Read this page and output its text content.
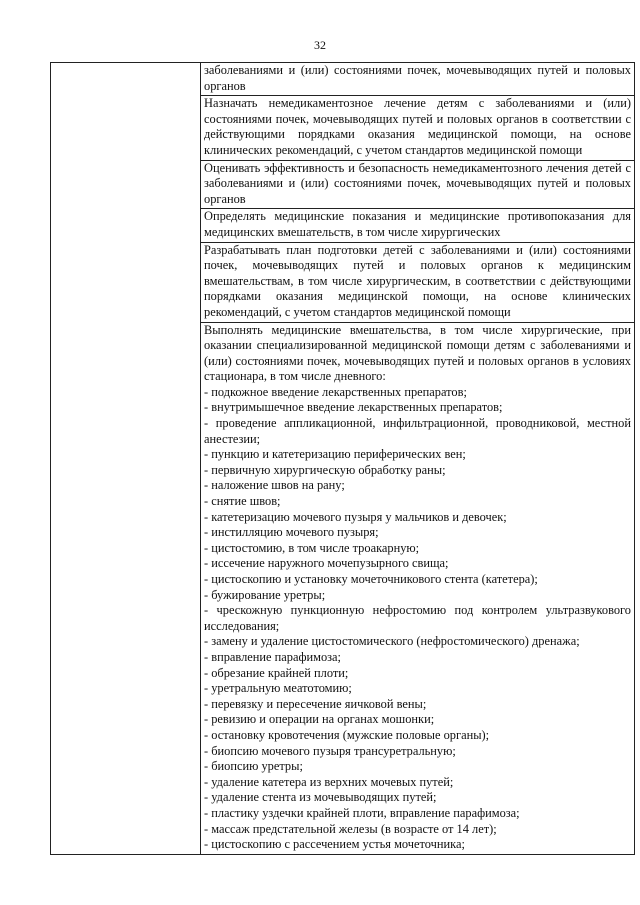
32

заболеваниями и (или) состояниями почек, мочевыводящих путей и половых органов

Назначать немедикаментозное лечение детям с заболеваниями и (или) состояниями почек, мочевыводящих путей и половых органов в соответствии с действующими порядками оказания медицинской помощи, на основе клинических рекомендаций, с учетом стандартов медицинской помощи

Оценивать эффективность и безопасность немедикаментозного лечения детей с заболеваниями и (или) состояниями почек, мочевыводящих путей и половых органов

Определять медицинские показания и медицинские противопоказания для медицинских вмешательств, в том числе хирургических

Разрабатывать план подготовки детей с заболеваниями и (или) состояниями почек, мочевыводящих путей и половых органов к медицинским вмешательствам, в том числе хирургическим, в соответствии с действующими порядками оказания медицинской помощи, на основе клинических рекомендаций, с учетом стандартов медицинской помощи

Выполнять медицинские вмешательства, в том числе хирургические, при оказании специализированной медицинской помощи детям с заболеваниями и (или) состояниями почек, мочевыводящих путей и половых органов в условиях стационара, в том числе дневного:

- подкожное введение лекарственных препаратов;

- внутримышечное введение лекарственных препаратов;

- проведение аппликационной, инфильтрационной, проводниковой, местной анестезии;

- пункцию и катетеризацию периферических вен;

- первичную хирургическую обработку раны;

- наложение швов на рану;

- снятие швов;

- катетеризацию мочевого пузыря у мальчиков и девочек;

- инстилляцию мочевого пузыря;

- цистостомию, в том числе троакарную;

- иссечение наружного мочепузырного свища;

- цистоскопию и установку мочеточникового стента (катетера);

- бужирование уретры;

- чрескожную пункционную нефростомию под контролем ультразвукового исследования;

- замену и удаление цистостомического (нефростомического) дренажа;

- вправление парафимоза;

- обрезание крайней плоти;

- уретральную меатотомию;

- перевязку и пересечение яичковой вены;

- ревизию и операции на органах мошонки;

- остановку кровотечения (мужские половые органы);

- биопсию мочевого пузыря трансуретральную;

- биопсию уретры;

- удаление катетера из верхних мочевых путей;

- удаление стента из мочевыводящих путей;

- пластику уздечки крайней плоти, вправление парафимоза;

- массаж предстательной железы (в возрасте от 14 лет);

- цистоскопию с рассечением устья мочеточника;
